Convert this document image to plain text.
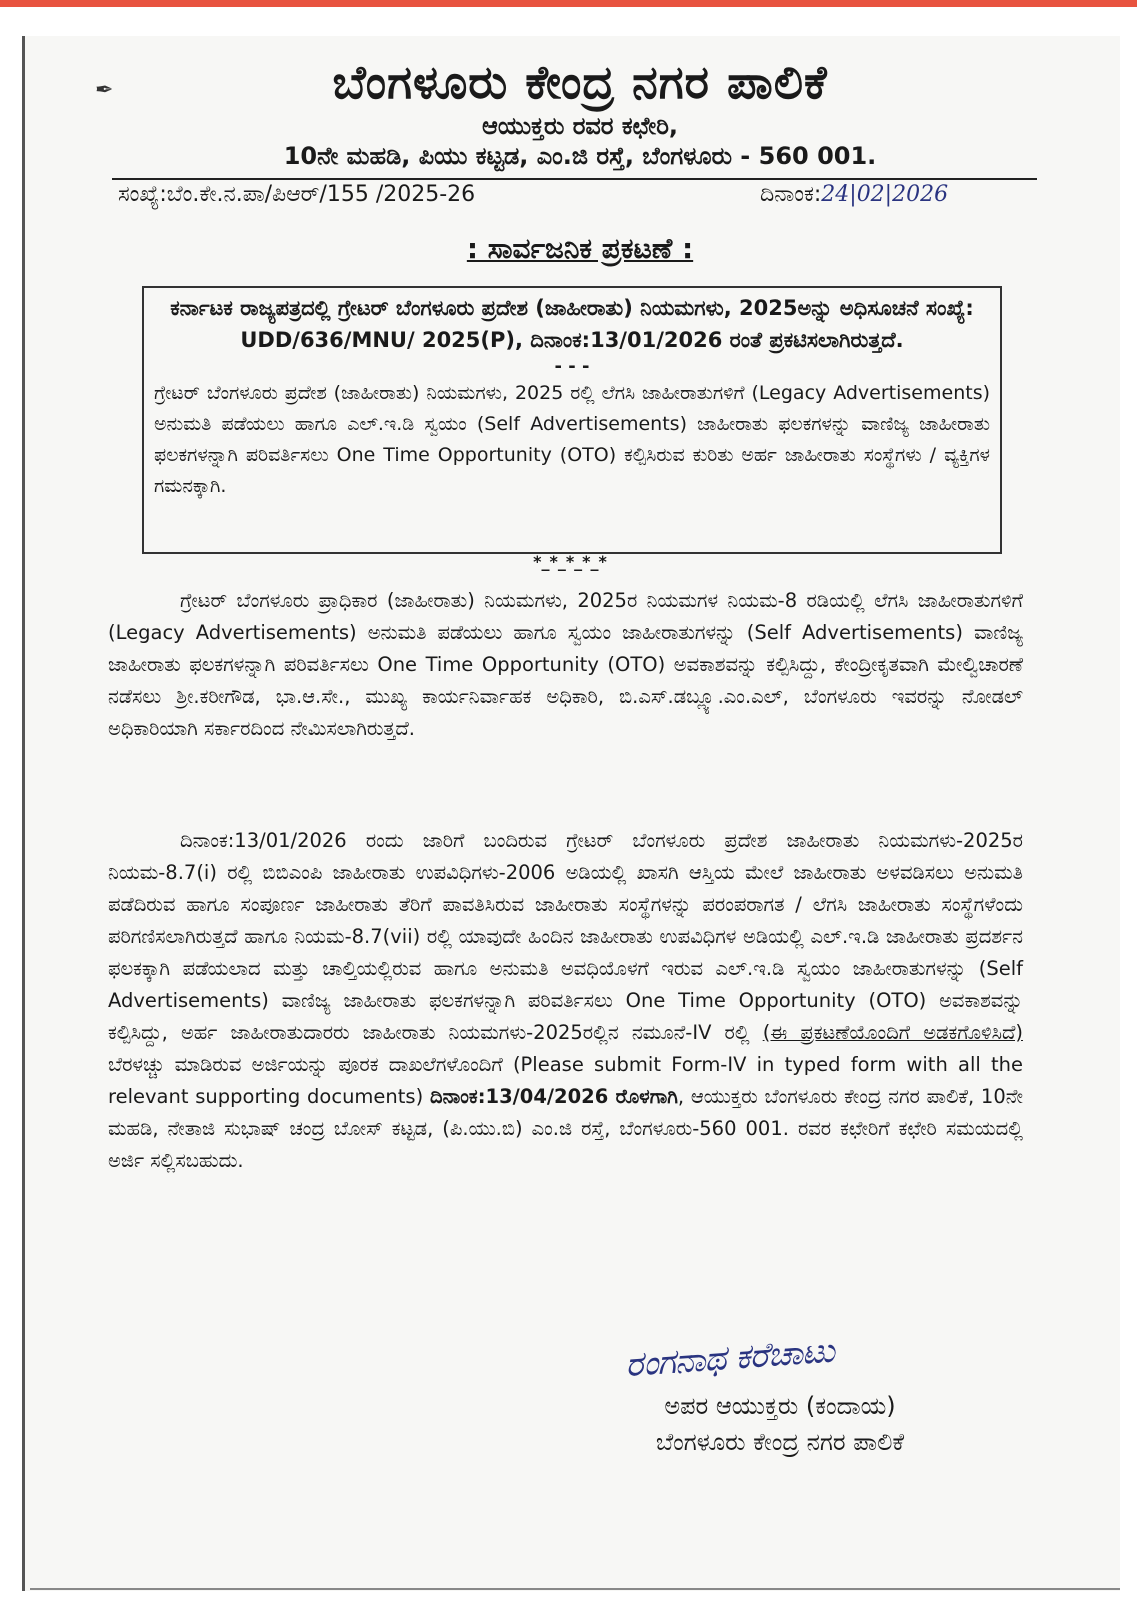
✒	ಬೆಂಗಳೂರು ಕೇಂದ್ರ ನಗರ ಪಾಲಿಕೆ
ಆಯುಕ್ತರು ರವರ ಕಛೇರಿ,
10ನೇ ಮಹಡಿ, ಪಿಯು ಕಟ್ಟಡ, ಎಂ.ಜಿ ರಸ್ತೆ, ಬೆಂಗಳೂರು - 560 001.
ಸಂಖ್ಯೆ:ಬೆಂ.ಕೇ.ನ.ಪಾ/ಪಿಆರ್/155 /2025-26	ದಿನಾಂಕ:24|02|2026
: ಸಾರ್ವಜನಿಕ ಪ್ರಕಟಣೆ :
ಕರ್ನಾಟಕ ರಾಜ್ಯಪತ್ರದಲ್ಲಿ ಗ್ರೇಟರ್ ಬೆಂಗಳೂರು ಪ್ರದೇಶ (ಜಾಹೀರಾತು) ನಿಯಮಗಳು, 2025ಅನ್ನು ಅಧಿಸೂಚನೆ ಸಂಖ್ಯೆ: UDD/636/MNU/ 2025(P), ದಿನಾಂಕ:13/01/2026 ರಂತೆ ಪ್ರಕಟಿಸಲಾಗಿರುತ್ತದೆ.
- - -
ಗ್ರೇಟರ್ ಬೆಂಗಳೂರು ಪ್ರದೇಶ (ಜಾಹೀರಾತು) ನಿಯಮಗಳು, 2025 ರಲ್ಲಿ ಲೆಗಸಿ ಜಾಹೀರಾತುಗಳಿಗೆ (Legacy Advertisements) ಅನುಮತಿ ಪಡೆಯಲು ಹಾಗೂ ಎಲ್.ಇ.ಡಿ ಸ್ವಯಂ (Self Advertisements) ಜಾಹೀರಾತು ಫಲಕಗಳನ್ನು ವಾಣಿಜ್ಯ ಜಾಹೀರಾತು ಫಲಕಗಳನ್ನಾಗಿ ಪರಿವರ್ತಿಸಲು One Time Opportunity (OTO) ಕಲ್ಪಿಸಿರುವ ಕುರಿತು ಅರ್ಹ ಜಾಹೀರಾತು ಸಂಸ್ಥೆಗಳು / ವ್ಯಕ್ತಿಗಳ ಗಮನಕ್ಕಾಗಿ.
*_*_*_*_*
ಗ್ರೇಟರ್ ಬೆಂಗಳೂರು ಪ್ರಾಧಿಕಾರ (ಜಾಹೀರಾತು) ನಿಯಮಗಳು, 2025ರ ನಿಯಮಗಳ ನಿಯಮ-8 ರಡಿಯಲ್ಲಿ ಲೆಗಸಿ ಜಾಹೀರಾತುಗಳಿಗೆ (Legacy Advertisements) ಅನುಮತಿ ಪಡೆಯಲು ಹಾಗೂ ಸ್ವಯಂ ಜಾಹೀರಾತುಗಳನ್ನು (Self Advertisements) ವಾಣಿಜ್ಯ ಜಾಹೀರಾತು ಫಲಕಗಳನ್ನಾಗಿ ಪರಿವರ್ತಿಸಲು One Time Opportunity (OTO) ಅವಕಾಶವನ್ನು ಕಲ್ಪಿಸಿದ್ದು, ಕೇಂದ್ರೀಕೃತವಾಗಿ ಮೇಲ್ವಿಚಾರಣೆ ನಡೆಸಲು ಶ್ರೀ.ಕರೀಗೌಡ, ಭಾ.ಆ.ಸೇ., ಮುಖ್ಯ ಕಾರ್ಯನಿರ್ವಾಹಕ ಅಧಿಕಾರಿ, ಬಿ.ಎಸ್.ಡಬ್ಲ್ಯೂ.ಎಂ.ಎಲ್, ಬೆಂಗಳೂರು ಇವರನ್ನು ನೋಡಲ್ ಅಧಿಕಾರಿಯಾಗಿ ಸರ್ಕಾರದಿಂದ ನೇಮಿಸಲಾಗಿರುತ್ತದೆ.
ದಿನಾಂಕ:13/01/2026 ರಂದು ಜಾರಿಗೆ ಬಂದಿರುವ ಗ್ರೇಟರ್ ಬೆಂಗಳೂರು ಪ್ರದೇಶ ಜಾಹೀರಾತು ನಿಯಮಗಳು-2025ರ ನಿಯಮ-8.7(i) ರಲ್ಲಿ ಬಿಬಿಎಂಪಿ ಜಾಹೀರಾತು ಉಪವಿಧಿಗಳು-2006 ಅಡಿಯಲ್ಲಿ ಖಾಸಗಿ ಆಸ್ತಿಯ ಮೇಲೆ ಜಾಹೀರಾತು ಅಳವಡಿಸಲು ಅನುಮತಿ ಪಡೆದಿರುವ ಹಾಗೂ ಸಂಪೂರ್ಣ ಜಾಹೀರಾತು ತೆರಿಗೆ ಪಾವತಿಸಿರುವ ಜಾಹೀರಾತು ಸಂಸ್ಥೆಗಳನ್ನು ಪರಂಪರಾಗತ / ಲೆಗಸಿ ಜಾಹೀರಾತು ಸಂಸ್ಥೆಗಳೆಂದು ಪರಿಗಣಿಸಲಾಗಿರುತ್ತದೆ ಹಾಗೂ ನಿಯಮ-8.7(vii) ರಲ್ಲಿ ಯಾವುದೇ ಹಿಂದಿನ ಜಾಹೀರಾತು ಉಪವಿಧಿಗಳ ಅಡಿಯಲ್ಲಿ ಎಲ್.ಇ.ಡಿ ಜಾಹೀರಾತು ಪ್ರದರ್ಶನ ಫಲಕಕ್ಕಾಗಿ ಪಡೆಯಲಾದ ಮತ್ತು ಚಾಲ್ತಿಯಲ್ಲಿರುವ ಹಾಗೂ ಅನುಮತಿ ಅವಧಿಯೊಳಗೆ ಇರುವ ಎಲ್.ಇ.ಡಿ ಸ್ವಯಂ ಜಾಹೀರಾತುಗಳನ್ನು (Self Advertisements) ವಾಣಿಜ್ಯ ಜಾಹೀರಾತು ಫಲಕಗಳನ್ನಾಗಿ ಪರಿವರ್ತಿಸಲು One Time Opportunity (OTO) ಅವಕಾಶವನ್ನು ಕಲ್ಪಿಸಿದ್ದು, ಅರ್ಹ ಜಾಹೀರಾತುದಾರರು ಜಾಹೀರಾತು ನಿಯಮಗಳು-2025ರಲ್ಲಿನ ನಮೂನೆ-IV ರಲ್ಲಿ (ಈ ಪ್ರಕಟಣೆಯೊಂದಿಗೆ ಅಡಕಗೊಳಿಸಿದೆ) ಬೆರಳಚ್ಚು ಮಾಡಿರುವ ಅರ್ಜಿಯನ್ನು ಪೂರಕ ದಾಖಲೆಗಳೊಂದಿಗೆ (Please submit Form-IV in typed form with all the relevant supporting documents) ದಿನಾಂಕ:13/04/2026 ರೊಳಗಾಗಿ, ಆಯುಕ್ತರು ಬೆಂಗಳೂರು ಕೇಂದ್ರ ನಗರ ಪಾಲಿಕೆ, 10ನೇ ಮಹಡಿ, ನೇತಾಜಿ ಸುಭಾಷ್ ಚಂದ್ರ ಬೋಸ್ ಕಟ್ಟಡ, (ಪಿ.ಯು.ಬಿ) ಎಂ.ಜಿ ರಸ್ತೆ, ಬೆಂಗಳೂರು-560 001. ರವರ ಕಛೇರಿಗೆ ಕಛೇರಿ ಸಮಯದಲ್ಲಿ ಅರ್ಜಿ ಸಲ್ಲಿಸಬಹುದು.
ರಂಗನಾಥ ಕರೆಚಾಟು
ಅಪರ ಆಯುಕ್ತರು (ಕಂದಾಯ)
ಬೆಂಗಳೂರು ಕೇಂದ್ರ ನಗರ ಪಾಲಿಕೆ
